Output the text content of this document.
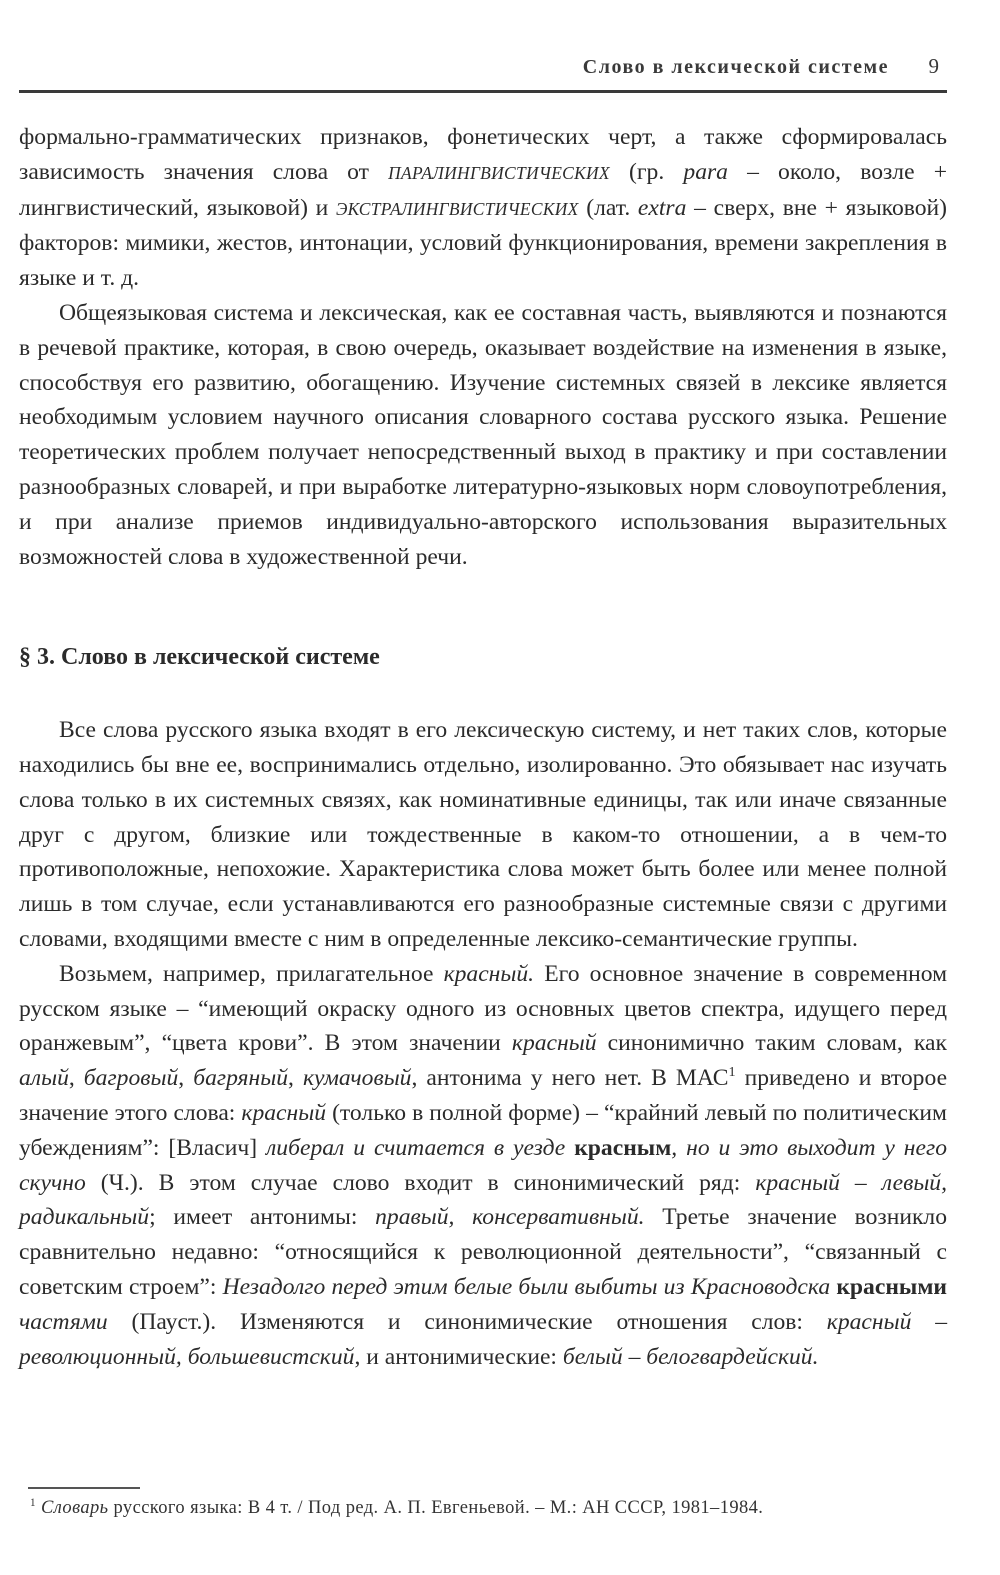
Слово в лексической системе 9

формально-грамматических признаков, фонетических черт, а также сформировалась зависимость значения слова от ПАРАЛИНГВИСТИЧЕСКИХ (гр. para – около, возле + лингвистический, языковой) и ЭКСТРАЛИНГВИСТИЧЕСКИХ (лат. extra – сверх, вне + языковой) факторов: мимики, жестов, интонации, условий функционирования, времени закрепления в языке и т. д.

Общеязыковая система и лексическая, как ее составная часть, выявляются и познаются в речевой практике, которая, в свою очередь, оказывает воздействие на изменения в языке, способствуя его развитию, обогащению. Изучение системных связей в лексике является необходимым условием научного описания словарного состава русского языка. Решение теоретических проблем получает непосредственный выход в практику и при составлении разнообразных словарей, и при выработке литературно-языковых норм словоупотребления, и при анализе приемов индивидуально-авторского использования выразительных возможностей слова в художественной речи.

§ 3. Слово в лексической системе

Все слова русского языка входят в его лексическую систему, и нет таких слов, которые находились бы вне ее, воспринимались отдельно, изолированно. Это обязывает нас изучать слова только в их системных связях, как номинативные единицы, так или иначе связанные друг с другом, близкие или тождественные в каком-то отношении, а в чем-то противоположные, непохожие. Характеристика слова может быть более или менее полной лишь в том случае, если устанавливаются его разнообразные системные связи с другими словами, входящими вместе с ним в определенные лексико-семантические группы.

Возьмем, например, прилагательное красный. Его основное значение в современном русском языке – “имеющий окраску одного из основных цветов спектра, идущего перед оранжевым”, “цвета крови”. В этом значении красный синонимично таким словам, как алый, багровый, багряный, кумачовый, антонима у него нет. В МАС$^1$ приведено и второе значение этого слова: красный (только в полной форме) – “крайний левый по политическим убеждениям”: [Власич] либерал и считается в уезде красным, но и это выходит у него скучно (Ч.). В этом случае слово входит в синонимический ряд: красный – левый, радикальный; имеет антонимы: правый, консервативный. Третье значение возникло сравнительно недавно: “относящийся к революционной деятельности”, “связанный с советским строем”: Незадолго перед этим белые были выбиты из Красноводска красными частями (Пауст.). Изменяются и синонимические отношения слов: красный – революционный, большевистский, и антонимические: белый – белогвардейский.

$^1$ Словарь русского языка: В 4 т. / Под ред. А. П. Евгеньевой. – М.: АН СССР, 1981–1984.
